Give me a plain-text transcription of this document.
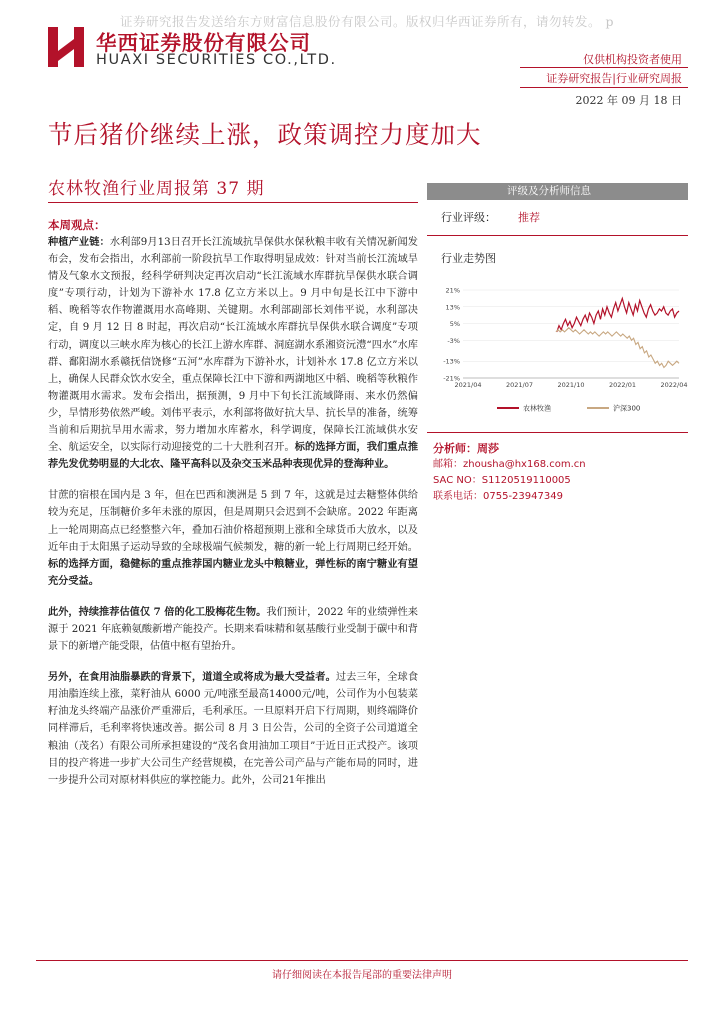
证券研究报告发送给东方财富信息股份有限公司。版权归华西证券所有，请勿转发。 p
华西证券股份有限公司
HUAXI SECURITIES CO.,LTD.	仅供机构投资者使用
证券研究报告|行业研究周报
2022 年 09 月 18 日
节后猪价继续上涨，政策调控力度加大
农林牧渔行业周报第 37 期
本周观点：
种植产业链：水利部9月13日召开长江流域抗旱保供水保秋粮丰收有关情况新闻发布会，发布会指出，水利部前一阶段抗旱工作取得明显成效：针对当前长江流域旱情及气象水文预报，经科学研判决定再次启动“长江流域水库群抗旱保供水联合调度”专项行动，计划为下游补水 17.8 亿立方米以上。9 月中旬是长江中下游中稻、晚稻等农作物灌溉用水高峰期、关键期。水利部副部长刘伟平说，水利部决定，自 9 月 12 日 8 时起，再次启动“长江流域水库群抗旱保供水联合调度”专项行动，调度以三峡水库为核心的长江上游水库群、洞庭湖水系湘资沅澧“四水”水库群、鄱阳湖水系赣抚信饶修“五河”水库群为下游补水，计划补水 17.8 亿立方米以上，确保人民群众饮水安全，重点保障长江中下游和两湖地区中稻、晚稻等秋粮作物灌溉用水需求。发布会指出，据预测，9 月中下旬长江流域降雨、来水仍然偏少，旱情形势依然严峻。刘伟平表示，水利部将做好抗大旱、抗长旱的准备，统筹当前和后期抗旱用水需求，努力增加水库蓄水，科学调度，保障长江流域供水安全、航运安全，以实际行动迎接党的二十大胜利召开。标的选择方面，我们重点推荐先发优势明显的大北农、隆平高科以及杂交玉米品种表现优异的登海种业。
甘蔗的宿根在国内是 3 年，但在巴西和澳洲是 5 到 7 年，这就是过去糖整体供给较为充足，压制糖价多年未涨的原因，但是周期只会迟到不会缺席。2022 年距离上一轮周期高点已经整整六年，叠加石油价格超预期上涨和全球货币大放水，以及近年由于太阳黑子运动导致的全球极端气候频发，糖的新一轮上行周期已经开始。标的选择方面，稳健标的重点推荐国内糖业龙头中粮糖业，弹性标的南宁糖业有望充分受益。
此外，持续推荐估值仅 7 倍的化工股梅花生物。我们预计，2022 年的业绩弹性来源于 2021 年底赖氨酸新增产能投产。长期来看味精和氨基酸行业受制于碳中和背景下的新增产能受限，估值中枢有望抬升。
另外，在食用油脂暴跌的背景下，道道全或将成为最大受益者。过去三年，全球食用油脂连续上涨，菜籽油从 6000 元/吨涨至最高14000元/吨，公司作为小包装菜籽油龙头终端产品涨价严重滞后，毛利承压。一旦原料开启下行周期，则终端降价同样滞后，毛利率将快速改善。据公司 8 月 3 日公告，公司的全资子公司道道全粮油（茂名）有限公司所承担建设的“茂名食用油加工项目”于近日正式投产。该项目的投产将进一步扩大公司生产经营规模，在完善公司产品与产能布局的同时，进一步提升公司对原材料供应的掌控能力。此外，公司21年推出
评级及分析师信息
行业评级： 推荐
行业走势图
21%
13%
5%
-3%
-13%
-21%
2021/04	2021/07	2021/10	2022/01	2022/04
农林牧渔	沪深300
分析师：周莎
邮箱：zhousha@hx168.com.cn
SAC NO：S1120519110005
联系电话：0755-23947349
请仔细阅读在本报告尾部的重要法律声明
